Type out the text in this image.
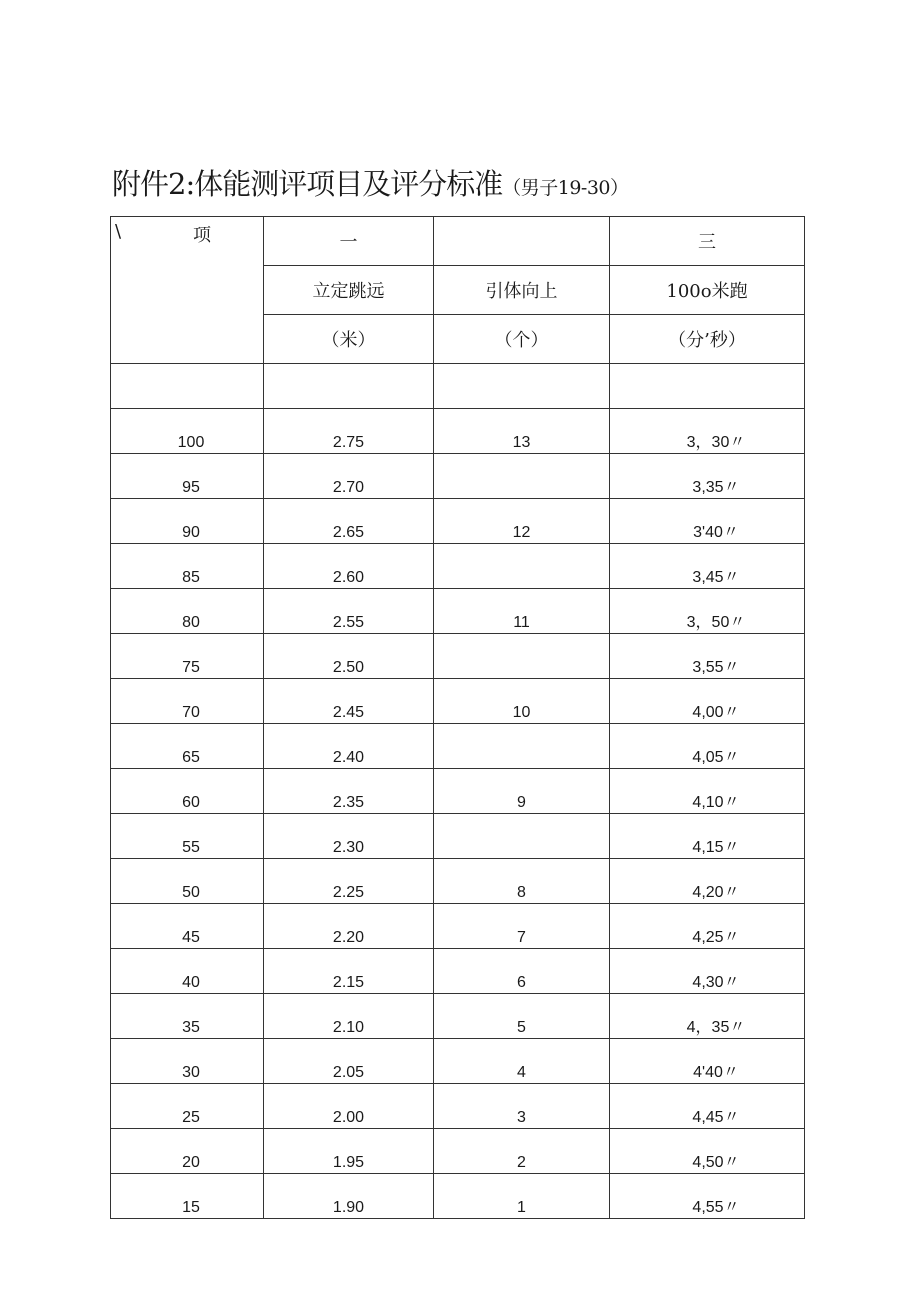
附件2:体能测评项目及评分标准（男子19-30）
\ 项	一		三
	立定跳远	引体向上	100o米跑
	（米）	（个）	（分’秒）

100	2.75	13	3，30〃
95	2.70		3,35〃
90	2.65	12	3'40〃
85	2.60		3,45〃
80	2.55	11	3，50〃
75	2.50		3,55〃
70	2.45	10	4,00〃
65	2.40		4,05〃
60	2.35	9	4,10〃
55	2.30		4,15〃
50	2.25	8	4,20〃
45	2.20	7	4,25〃
40	2.15	6	4,30〃
35	2.10	5	4，35〃
30	2.05	4	4'40〃
25	2.00	3	4,45〃
20	1.95	2	4,50〃
15	1.90	1	4,55〃
